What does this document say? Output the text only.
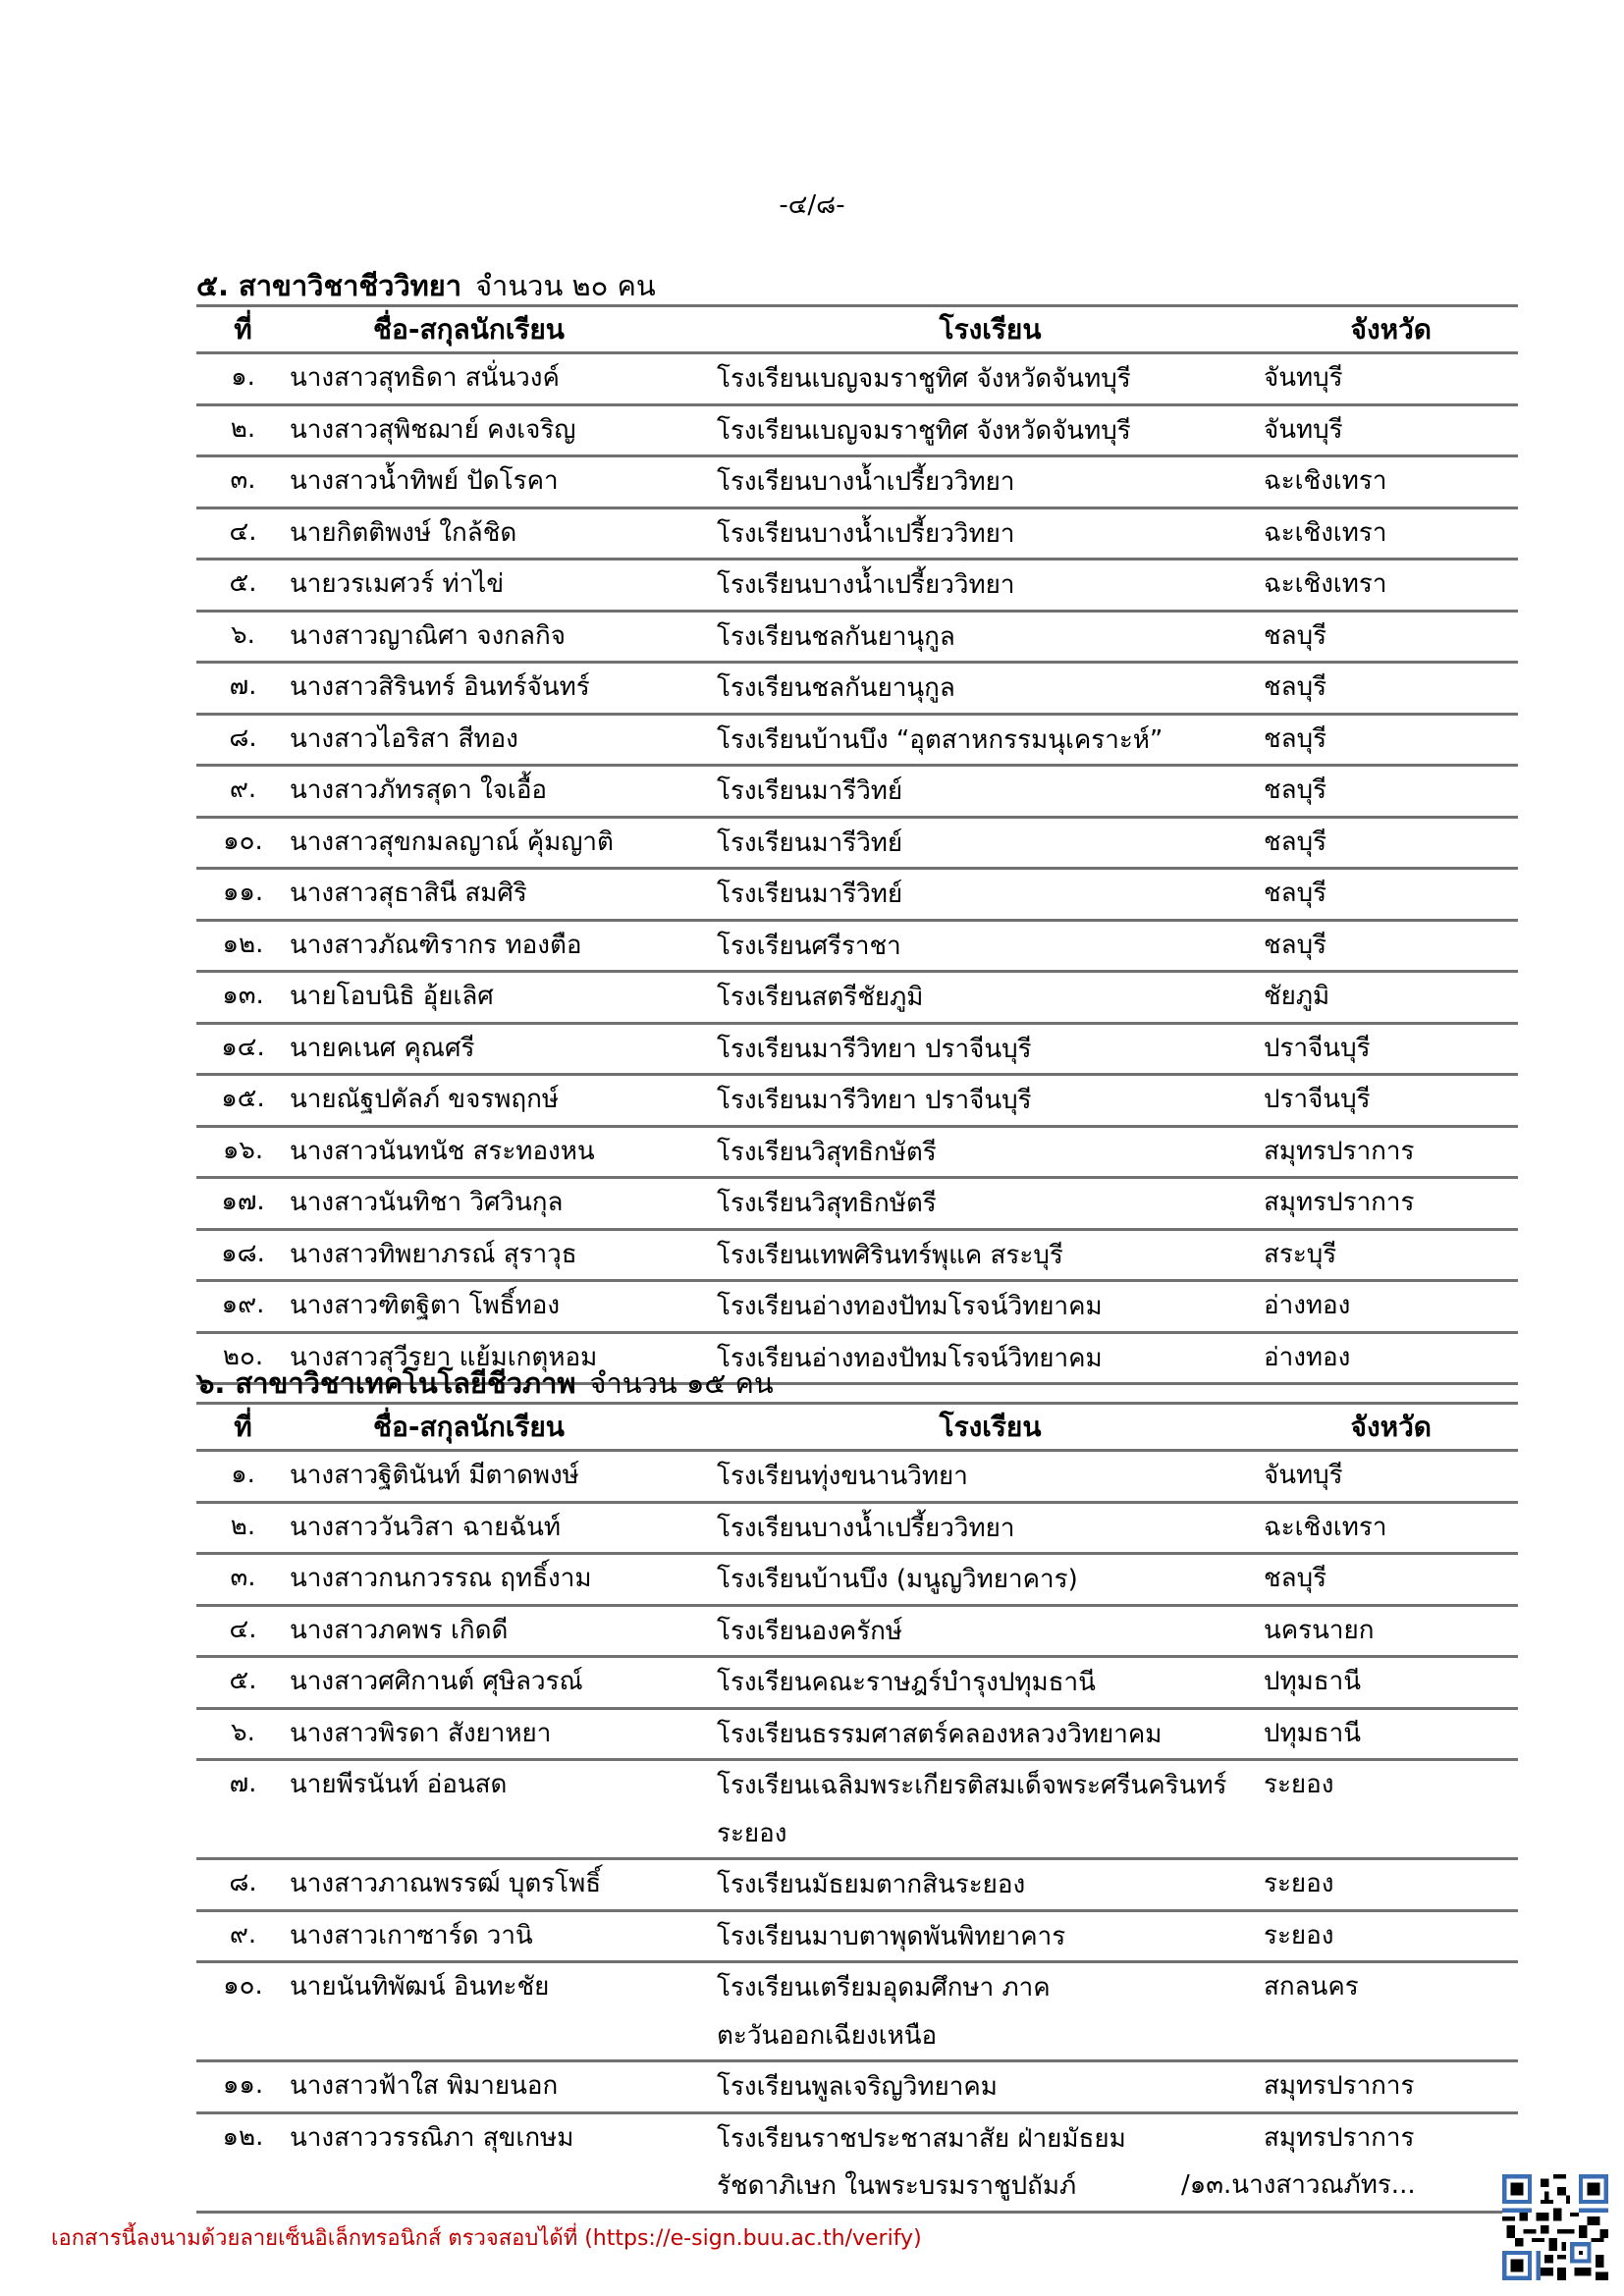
-๔/๘-
๕. สาขาวิชาชีววิทยา จำนวน ๒๐ คน
ที่	ชื่อ-สกุลนักเรียน	โรงเรียน	จังหวัด
๑.	นางสาวสุทธิดา สนั่นวงค์	โรงเรียนเบญจมราชูทิศ จังหวัดจันทบุรี	จันทบุรี
๒.	นางสาวสุพิชฌาย์ คงเจริญ	โรงเรียนเบญจมราชูทิศ จังหวัดจันทบุรี	จันทบุรี
๓.	นางสาวน้ำทิพย์ ปัดโรคา	โรงเรียนบางน้ำเปรี้ยววิทยา	ฉะเชิงเทรา
๔.	นายกิตติพงษ์ ใกล้ชิด	โรงเรียนบางน้ำเปรี้ยววิทยา	ฉะเชิงเทรา
๕.	นายวรเมศวร์ ท่าไข่	โรงเรียนบางน้ำเปรี้ยววิทยา	ฉะเชิงเทรา
๖.	นางสาวญาณิศา จงกลกิจ	โรงเรียนชลกันยานุกูล	ชลบุรี
๗.	นางสาวสิรินทร์ อินทร์จันทร์	โรงเรียนชลกันยานุกูล	ชลบุรี
๘.	นางสาวไอริสา สีทอง	โรงเรียนบ้านบึง “อุตสาหกรรมนุเคราะห์”	ชลบุรี
๙.	นางสาวภัทรสุดา ใจเอื้อ	โรงเรียนมารีวิทย์	ชลบุรี
๑๐.	นางสาวสุขกมลญาณ์ คุ้มญาติ	โรงเรียนมารีวิทย์	ชลบุรี
๑๑.	นางสาวสุธาสินี สมศิริ	โรงเรียนมารีวิทย์	ชลบุรี
๑๒.	นางสาวภัณฑิรากร ทองตือ	โรงเรียนศรีราชา	ชลบุรี
๑๓.	นายโอบนิธิ อุ้ยเลิศ	โรงเรียนสตรีชัยภูมิ	ชัยภูมิ
๑๔.	นายคเนศ คุณศรี	โรงเรียนมารีวิทยา ปราจีนบุรี	ปราจีนบุรี
๑๕.	นายณัฐปคัลภ์ ขจรพฤกษ์	โรงเรียนมารีวิทยา ปราจีนบุรี	ปราจีนบุรี
๑๖.	นางสาวนันทนัช สระทองหน	โรงเรียนวิสุทธิกษัตรี	สมุทรปราการ
๑๗.	นางสาวนันทิชา วิศวินกุล	โรงเรียนวิสุทธิกษัตรี	สมุทรปราการ
๑๘.	นางสาวทิพยาภรณ์ สุราวุธ	โรงเรียนเทพศิรินทร์พุแค สระบุรี	สระบุรี
๑๙.	นางสาวฑิตฐิตา โพธิ์ทอง	โรงเรียนอ่างทองปัทมโรจน์วิทยาคม	อ่างทอง
๒๐.	นางสาวสุวีรยา แย้มเกตุหอม	โรงเรียนอ่างทองปัทมโรจน์วิทยาคม	อ่างทอง
๖. สาขาวิชาเทคโนโลยีชีวภาพ จำนวน ๑๕ คน
ที่	ชื่อ-สกุลนักเรียน	โรงเรียน	จังหวัด
๑.	นางสาวฐิตินันท์ มีตาดพงษ์	โรงเรียนทุ่งขนานวิทยา	จันทบุรี
๒.	นางสาววันวิสา ฉายฉันท์	โรงเรียนบางน้ำเปรี้ยววิทยา	ฉะเชิงเทรา
๓.	นางสาวกนกวรรณ ฤทธิ์งาม	โรงเรียนบ้านบึง (มนูญวิทยาคาร)	ชลบุรี
๔.	นางสาวภคพร เกิดดี	โรงเรียนองครักษ์	นครนายก
๕.	นางสาวศศิกานต์ ศุษิลวรณ์	โรงเรียนคณะราษฎร์บำรุงปทุมธานี	ปทุมธานี
๖.	นางสาวพิรดา สังยาหยา	โรงเรียนธรรมศาสตร์คลองหลวงวิทยาคม	ปทุมธานี
๗.	นายพีรนันท์ อ่อนสด	โรงเรียนเฉลิมพระเกียรติสมเด็จพระศรีนครินทร์
ระยอง	ระยอง
๘.	นางสาวภาณพรรฒ์ บุตรโพธิ์	โรงเรียนมัธยมตากสินระยอง	ระยอง
๙.	นางสาวเกาซาร์ด วานิ	โรงเรียนมาบตาพุดพันพิทยาคาร	ระยอง
๑๐.	นายนันทิพัฒน์ อินทะชัย	โรงเรียนเตรียมอุดมศึกษา ภาค
ตะวันออกเฉียงเหนือ	สกลนคร
๑๑.	นางสาวฟ้าใส พิมายนอก	โรงเรียนพูลเจริญวิทยาคม	สมุทรปราการ
๑๒.	นางสาววรรณิภา สุขเกษม	โรงเรียนราชประชาสมาสัย ฝ่ายมัธยม
รัชดาภิเษก ในพระบรมราชูปถัมภ์	สมุทรปราการ
/๑๓.นางสาวณภัทร...
เอกสารนี้ลงนามด้วยลายเซ็นอิเล็กทรอนิกส์ ตรวจสอบได้ที่ (https://e-sign.buu.ac.th/verify)
